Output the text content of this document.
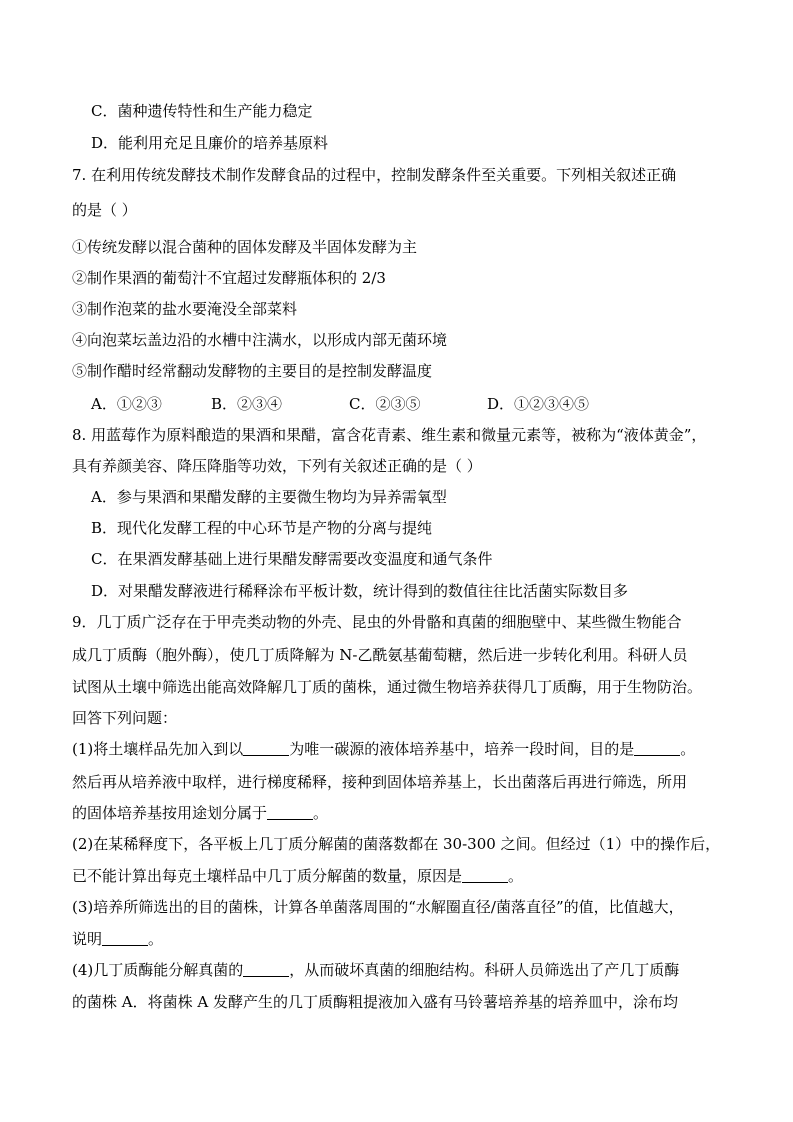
C．菌种遗传特性和生产能力稳定
D．能利用充足且廉价的培养基原料
7. 在利用传统发酵技术制作发酵食品的过程中，控制发酵条件至关重要。下列相关叙述正确
的是（ ）
①传统发酵以混合菌种的固体发酵及半固体发酵为主
②制作果酒的葡萄汁不宜超过发酵瓶体积的 2/3
③制作泡菜的盐水要淹没全部菜料
④向泡菜坛盖边沿的水槽中注满水，以形成内部无菌环境
⑤制作醋时经常翻动发酵物的主要目的是控制发酵温度
A．①②③	B．②③④	C．②③⑤	D．①②③④⑤
8. 用蓝莓作为原料酿造的果酒和果醋，富含花青素、维生素和微量元素等，被称为“液体黄金”，
具有养颜美容、降压降脂等功效，下列有关叙述正确的是（ ）
A．参与果酒和果醋发酵的主要微生物均为异养需氧型
B．现代化发酵工程的中心环节是产物的分离与提纯
C．在果酒发酵基础上进行果醋发酵需要改变温度和通气条件
D．对果醋发酵液进行稀释涂布平板计数，统计得到的数值往往比活菌实际数目多
9．几丁质广泛存在于甲壳类动物的外壳、昆虫的外骨骼和真菌的细胞壁中、某些微生物能合
成几丁质酶（胞外酶），使几丁质降解为 N-乙酰氨基葡萄糖，然后进一步转化利用。科研人员
试图从土壤中筛选出能高效降解几丁质的菌株，通过微生物培养获得几丁质酶，用于生物防治。
回答下列问题：
(1)将土壤样品先加入到以	为唯一碳源的液体培养基中，培养一段时间，目的是	。
然后再从培养液中取样，进行梯度稀释，接种到固体培养基上，长出菌落后再进行筛选，所用
的固体培养基按用途划分属于	。
(2)在某稀释度下，各平板上几丁质分解菌的菌落数都在 30-300 之间。但经过（1）中的操作后，
已不能计算出每克土壤样品中几丁质分解菌的数量，原因是	。
(3)培养所筛选出的目的菌株，计算各单菌落周围的“水解圈直径/菌落直径”的值，比值越大，
说明	。
(4)几丁质酶能分解真菌的	，从而破坏真菌的细胞结构。科研人员筛选出了产几丁质酶
的菌株 A．将菌株 A 发酵产生的几丁质酶粗提液加入盛有马铃薯培养基的培养皿中，涂布均
